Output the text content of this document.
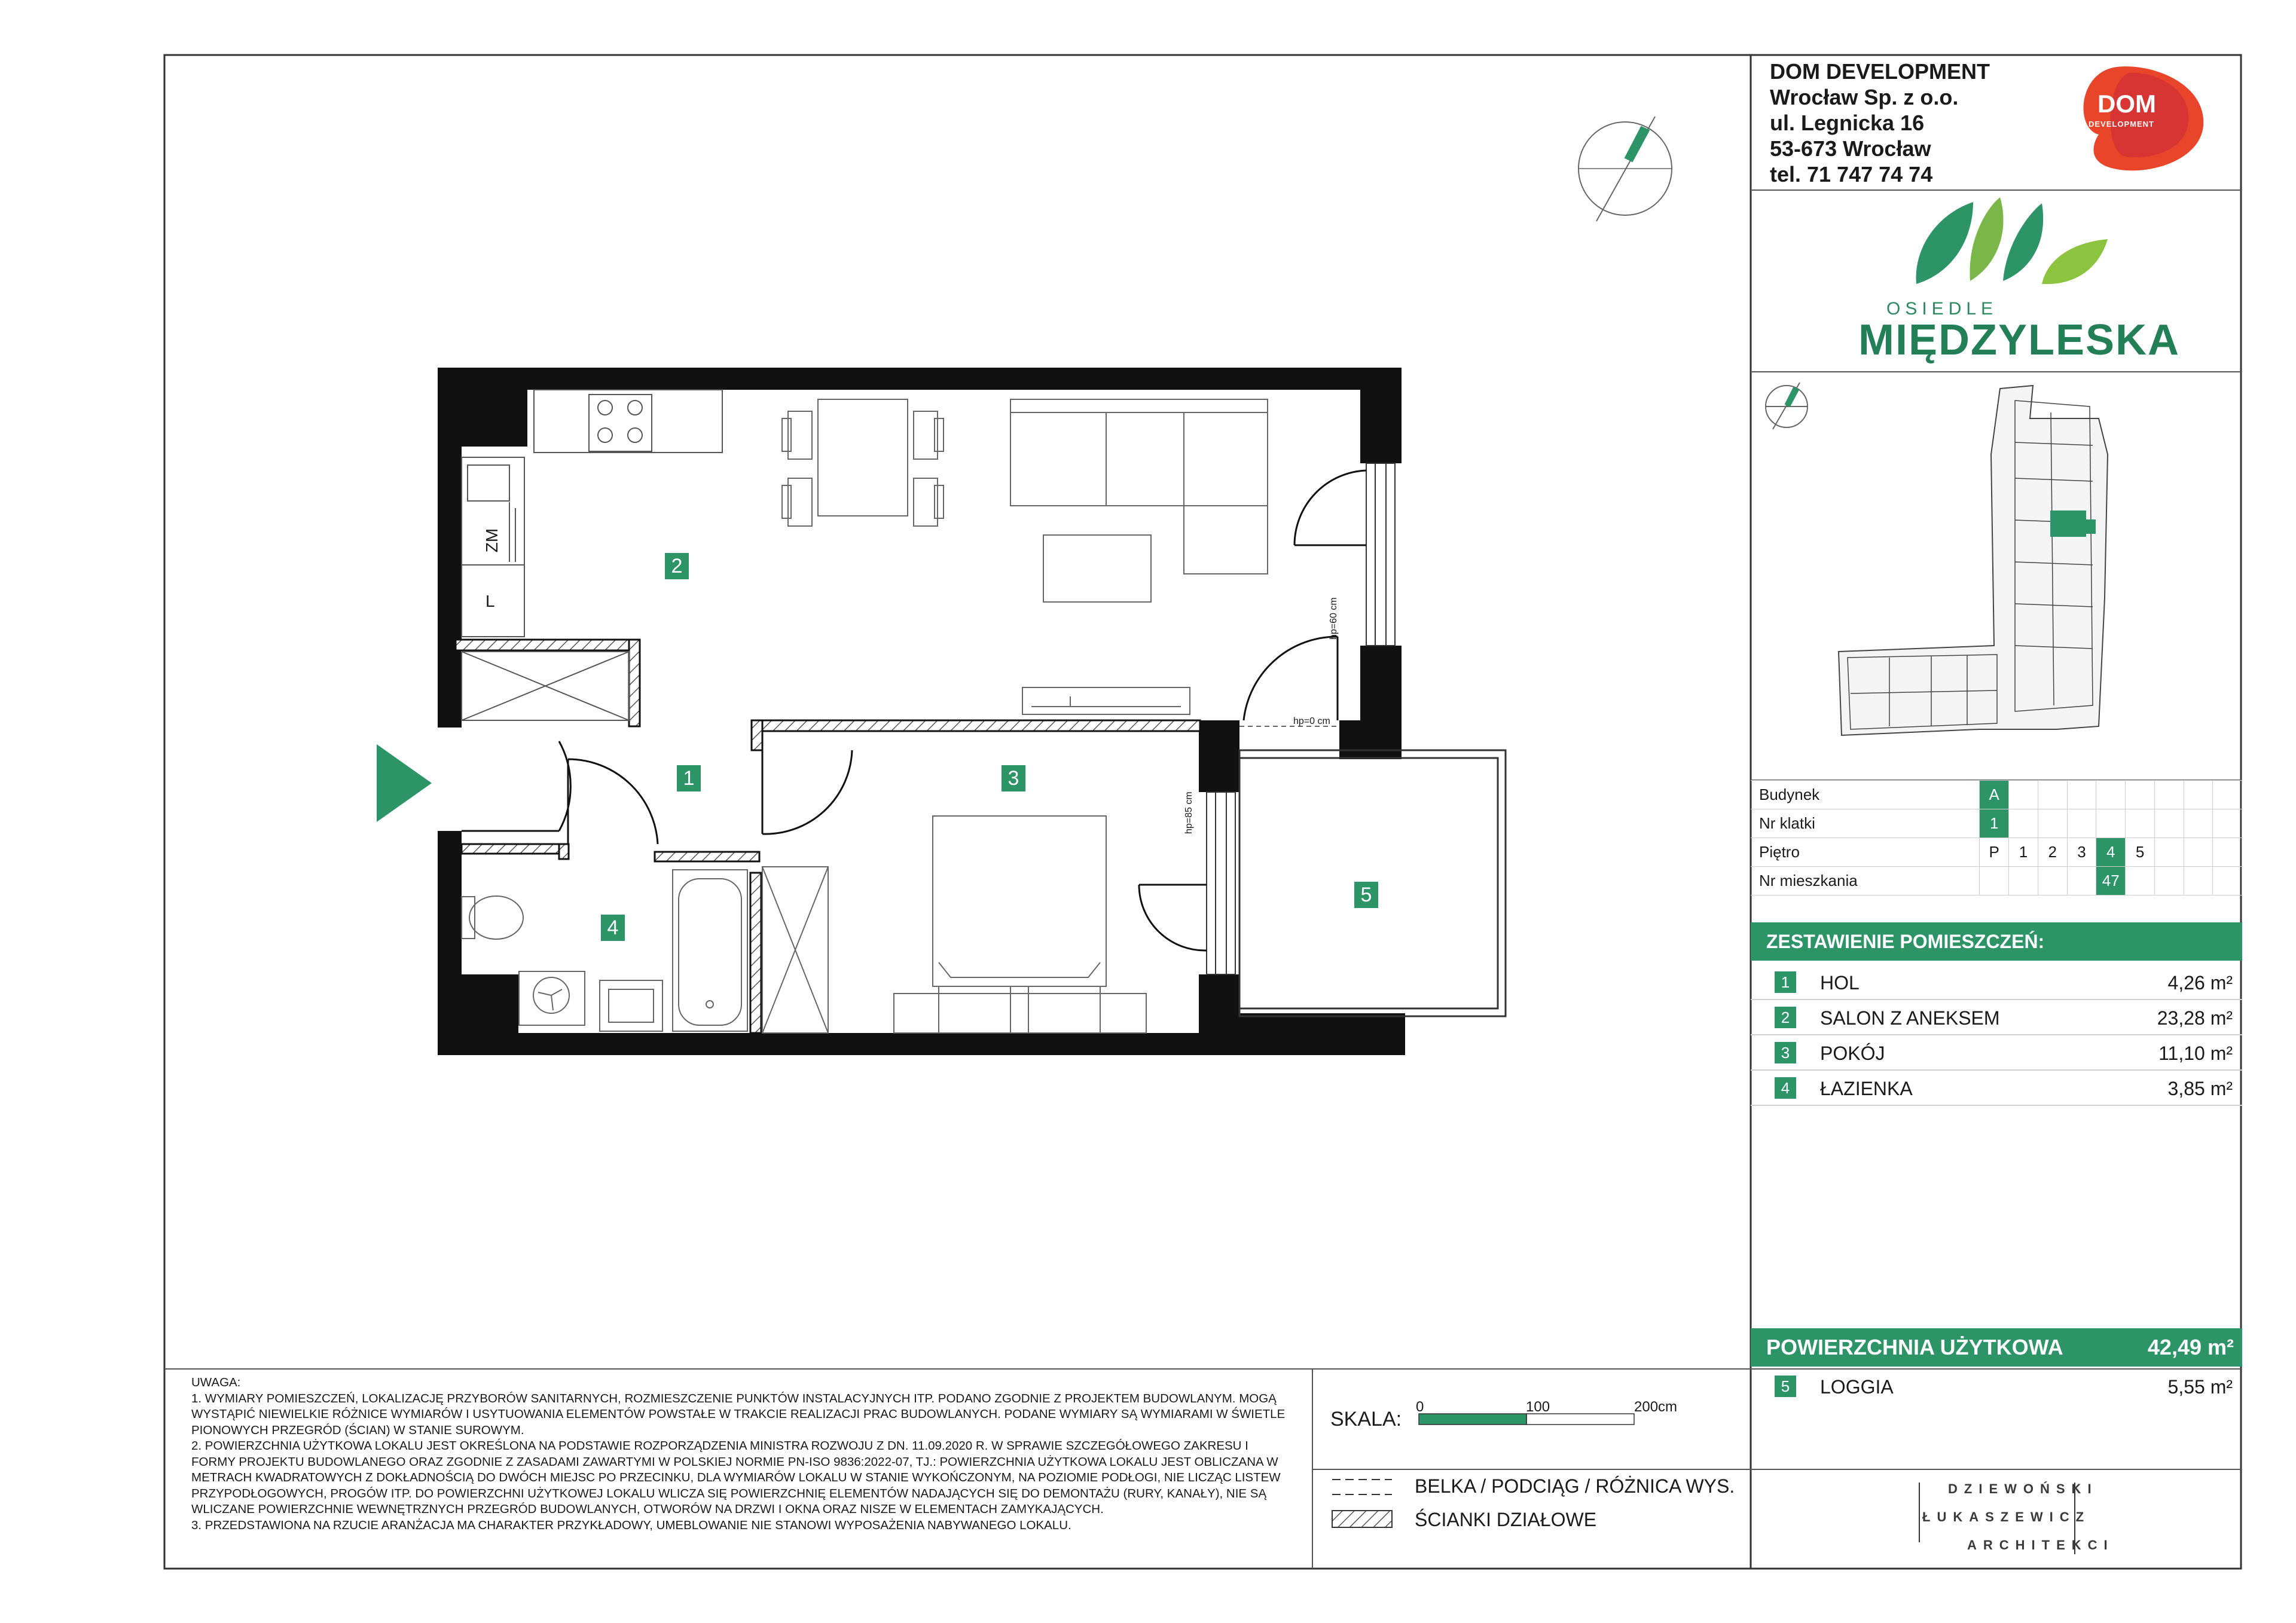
DOM
DEVELOPMENT
OSIEDLE
MIĘDZYLESKA
DOM DEVELOPMENT
Wrocław Sp. z o.o.
ul. Legnicka 16
53-673 Wrocław
tel. 71 747 74 74
1
2
3
4
5
ZM
L	hp=60 cm
hp=0 cm
hp=85 cm	Budynek	A								
Nr klatki	1								
Piętro	P	1	2	3	4	5			
Nr mieszkania					47				
ZESTAWIENIE POMIESZCZEŃ:
1	HOL	4,26 m²
2	SALON Z ANEKSEM	23,28 m²
3	POKÓJ	11,10 m²
4	ŁAZIENKA	3,85 m²
POWIERZCHNIA UŻYTKOWA	42,49 m²
5	LOGGIA	5,55 m²
UWAGA:
1. WYMIARY POMIESZCZEŃ, LOKALIZACJĘ PRZYBORÓW SANITARNYCH, ROZMIESZCZENIE PUNKTÓW INSTALACYJNYCH ITP. PODANO ZGODNIE Z PROJEKTEM BUDOWLANYM. MOGĄ WYSTĄPIĆ NIEWIELKIE RÓŻNICE WYMIARÓW I USYTUOWANIA ELEMENTÓW POWSTAŁE W TRAKCIE REALIZACJI PRAC BUDOWLANYCH. PODANE WYMIARY SĄ WYMIARAMI W ŚWIETLE PIONOWYCH PRZEGRÓD (ŚCIAN) W STANIE SUROWYM.
2. POWIERZCHNIA UŻYTKOWA LOKALU JEST OKREŚLONA NA PODSTAWIE ROZPORZĄDZENIA MINISTRA ROZWOJU Z DN. 11.09.2020 R. W SPRAWIE SZCZEGÓŁOWEGO ZAKRESU I FORMY PROJEKTU BUDOWLANEGO ORAZ ZGODNIE Z ZASADAMI ZAWARTYMI W POLSKIEJ NORMIE PN-ISO 9836:2022-07, TJ.: POWIERZCHNIA UŻYTKOWA LOKALU JEST OBLICZANA W METRACH KWADRATOWYCH Z DOKŁADNOŚCIĄ DO DWÓCH MIEJSC PO PRZECINKU, DLA WYMIARÓW LOKALU W STANIE WYKOŃCZONYM, NA POZIOMIE PODŁOGI, NIE LICZĄC LISTEW PRZYPODŁOGOWYCH, PROGÓW ITP. DO POWIERZCHNI UŻYTKOWEJ LOKALU WLICZA SIĘ POWIERZCHNIĘ ELEMENTÓW NADAJĄCYCH SIĘ DO DEMONTAŻU (RURY, KANAŁY), NIE SĄ WLICZANE POWIERZCHNIE WEWNĘTRZNYCH PRZEGRÓD BUDOWLANYCH, OTWORÓW NA DRZWI I OKNA ORAZ NISZE W ELEMENTACH ZAMYKAJĄCYCH.
3. PRZEDSTAWIONA NA RZUCIE ARANŻACJA MA CHARAKTER PRZYKŁADOWY, UMEBLOWANIE NIE STANOWI WYPOSAŻENIA NABYWANEGO LOKALU.
SKALA:
0	100	200cm
BELKA / PODCIĄG / RÓŻNICA WYS.
ŚCIANKI DZIAŁOWE
DZIEWOŃSKI
ŁUKASZEWICZ
ARCHITEKCI
